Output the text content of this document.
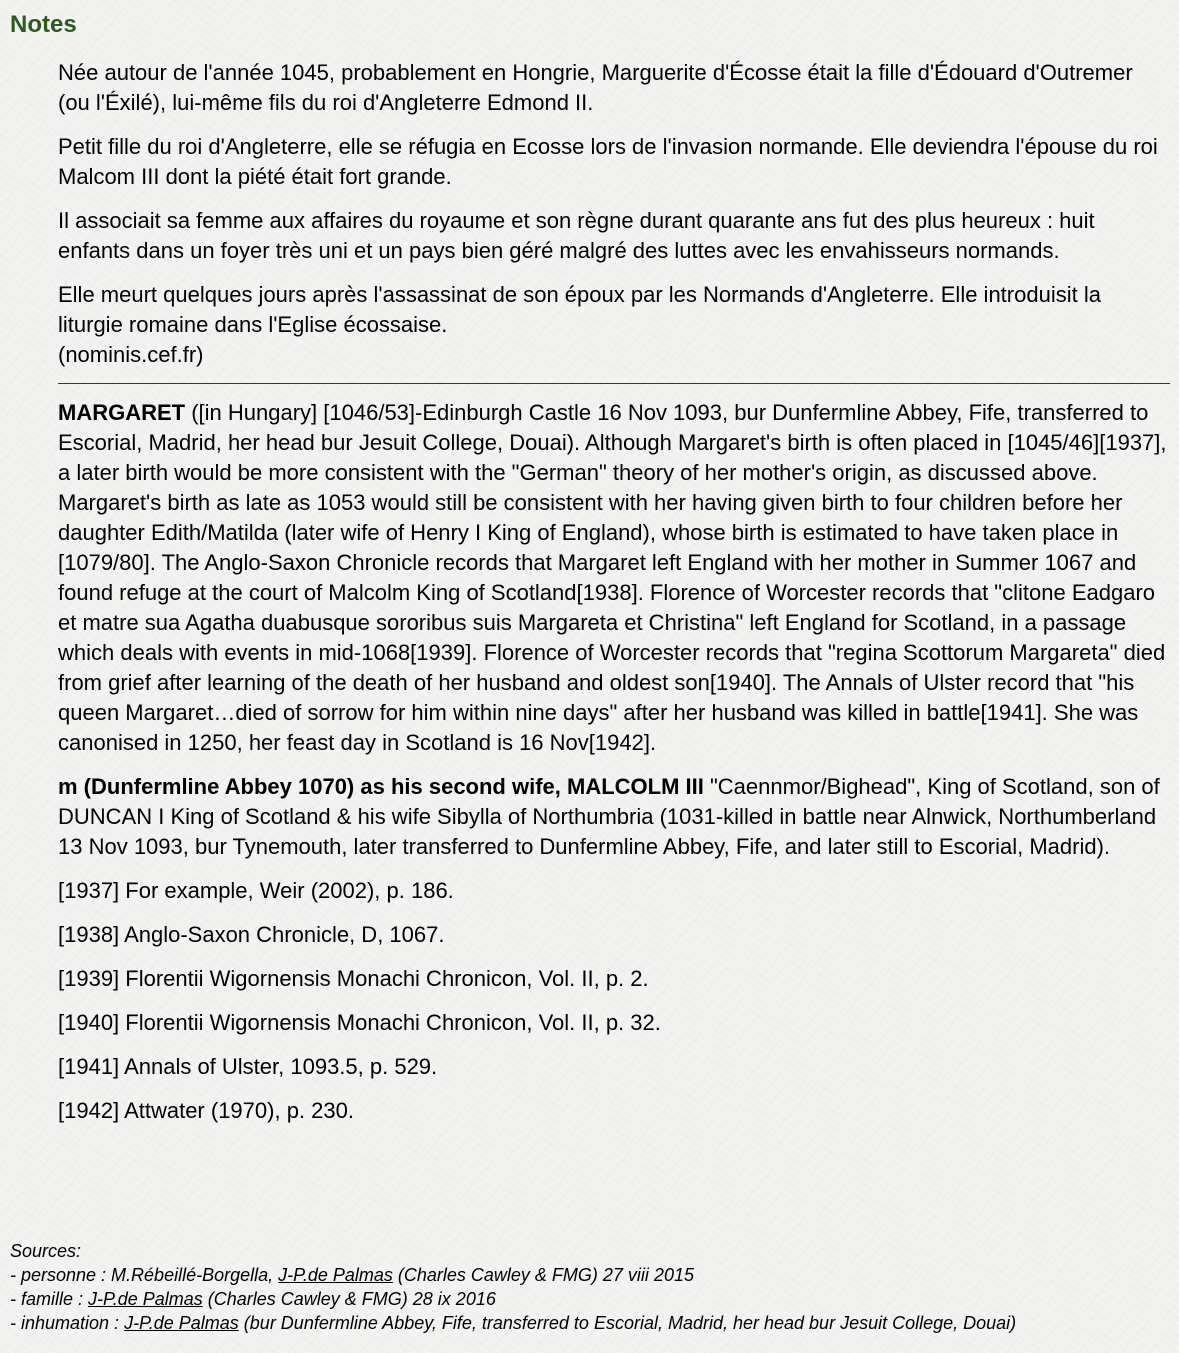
Notes

Née autour de l'année 1045, probablement en Hongrie, Marguerite d'Écosse était la fille d'Édouard d'Outremer (ou l'Éxilé), lui-même fils du roi d'Angleterre Edmond II.

Petit fille du roi d'Angleterre, elle se réfugia en Ecosse lors de l'invasion normande. Elle deviendra l'épouse du roi Malcom III dont la piété était fort grande.

Il associait sa femme aux affaires du royaume et son règne durant quarante ans fut des plus heureux : huit enfants dans un foyer très uni et un pays bien géré malgré des luttes avec les envahisseurs normands.

Elle meurt quelques jours après l'assassinat de son époux par les Normands d'Angleterre. Elle introduisit la liturgie romaine dans l'Eglise écossaise.

(nominis.cef.fr)

MARGARET ([in Hungary] [1046/53]-Edinburgh Castle 16 Nov 1093, bur Dunfermline Abbey, Fife, transferred to Escorial, Madrid, her head bur Jesuit College, Douai). Although Margaret's birth is often placed in [1045/46][1937], a later birth would be more consistent with the "German" theory of her mother's origin, as discussed above. Margaret's birth as late as 1053 would still be consistent with her having given birth to four children before her daughter Edith/Matilda (later wife of Henry I King of England), whose birth is estimated to have taken place in [1079/80]. The Anglo-Saxon Chronicle records that Margaret left England with her mother in Summer 1067 and found refuge at the court of Malcolm King of Scotland[1938]. Florence of Worcester records that "clitone Eadgaro et matre sua Agatha duabusque sororibus suis Margareta et Christina" left England for Scotland, in a passage which deals with events in mid-1068[1939]. Florence of Worcester records that "regina Scottorum Margareta" died from grief after learning of the death of her husband and oldest son[1940]. The Annals of Ulster record that "his queen Margaret…died of sorrow for him within nine days" after her husband was killed in battle[1941]. She was canonised in 1250, her feast day in Scotland is 16 Nov[1942].

m (Dunfermline Abbey 1070) as his second wife, MALCOLM III "Caennmor/Bighead", King of Scotland, son of DUNCAN I King of Scotland & his wife Sibylla of Northumbria (1031-killed in battle near Alnwick, Northumberland 13 Nov 1093, bur Tynemouth, later transferred to Dunfermline Abbey, Fife, and later still to Escorial, Madrid).

[1937] For example, Weir (2002), p. 186.
[1938] Anglo-Saxon Chronicle, D, 1067.
[1939] Florentii Wigornensis Monachi Chronicon, Vol. II, p. 2.
[1940] Florentii Wigornensis Monachi Chronicon, Vol. II, p. 32.
[1941] Annals of Ulster, 1093.5, p. 529.
[1942] Attwater (1970), p. 230.
Sources:
- personne : M.Rébeillé-Borgella, J-P.de Palmas (Charles Cawley & FMG) 27 viii 2015
- famille : J-P.de Palmas (Charles Cawley & FMG) 28 ix 2016
- inhumation : J-P.de Palmas (bur Dunfermline Abbey, Fife, transferred to Escorial, Madrid, her head bur Jesuit College, Douai)
